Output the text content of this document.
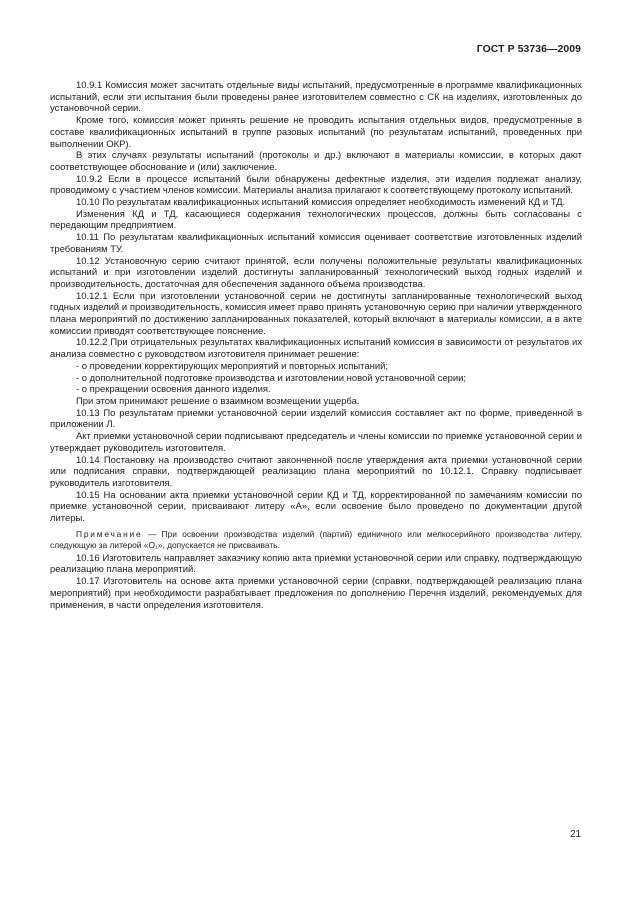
ГОСТ Р 53736—2009

10.9.1 Комиссия может засчитать отдельные виды испытаний, предусмотренные в программе квалификационных испытаний, если эти испытания были проведены ранее изготовителем совместно с СК на изделиях, изготовленных до установочной серии.

Кроме того, комиссия может принять решение не проводить испытания отдельных видов, предусмотренные в составе квалификационных испытаний в группе разовых испытаний (по результатам испытаний, проведенных при выполнении ОКР).

В этих случаях результаты испытаний (протоколы и др.) включают в материалы комиссии, в которых дают соответствующее обоснование и (или) заключение.

10.9.2 Если в процессе испытаний были обнаружены дефектные изделия, эти изделия подлежат анализу, проводимому с участием членов комиссии. Материалы анализа прилагают к соответствующему протоколу испытаний.

10.10 По результатам квалификационных испытаний комиссия определяет необходимость изменений КД и ТД.

Изменения КД и ТД, касающиеся содержания технологических процессов, должны быть согласованы с передающим предприятием.

10.11 По результатам квалификационных испытаний комиссия оценивает соответствие изготовленных изделий требованиям ТУ.

10.12 Установочную серию считают принятой, если получены положительные результаты квалификационных испытаний и при изготовлении изделий достигнуты запланированный технологический выход годных изделий и производительность, достаточная для обеспечения заданного объема производства.

10.12.1 Если при изготовлении установочной серии не достигнуты запланированные технологический выход годных изделий и производительность, комиссия имеет право принять установочную серию при наличии утвержденного плана мероприятий по достижению запланированных показателей, который включают в материалы комиссии, а в акте комиссии приводят соответствующее пояснение.

10.12.2 При отрицательных результатах квалификационных испытаний комиссия в зависимости от результатов их анализа совместно с руководством изготовителя принимает решение:

- о проведении корректирующих мероприятий и повторных испытаний;

- о дополнительной подготовке производства и изготовлении новой установочной серии;

- о прекращении освоения данного изделия.

При этом принимают решение о взаимном возмещении ущерба.

10.13 По результатам приемки установочной серии изделий комиссия составляет акт по форме, приведенной в приложении Л.

Акт приемки установочной серии подписывают председатель и члены комиссии по приемке установочной серии и утверждает руководитель изготовителя.

10.14 Постановку на производство считают законченной после утверждения акта приемки установочной серии или подписания справки, подтверждающей реализацию плана мероприятий по 10.12.1. Справку подписывает руководитель изготовителя.

10.15 На основании акта приемки установочной серии КД и ТД, корректированной по замечаниям комиссии по приемке установочной серии, присваивают литеру «А», если освоение было проведено по документации другой литеры.

Примечание — При освоении производства изделий (партий) единичного или мелкосерийного производства литеру, следующую за литерой «О₁», допускается не присваивать.

10.16 Изготовитель направляет заказчику копию акта приемки установочной серии или справку, подтверждающую реализацию плана мероприятий.

10.17 Изготовитель на основе акта приемки установочной серии (справки, подтверждающей реализацию плана мероприятий) при необходимости разрабатывает предложения по дополнению Перечня изделий, рекомендуемых для применения, в части определения изготовителя.

21
